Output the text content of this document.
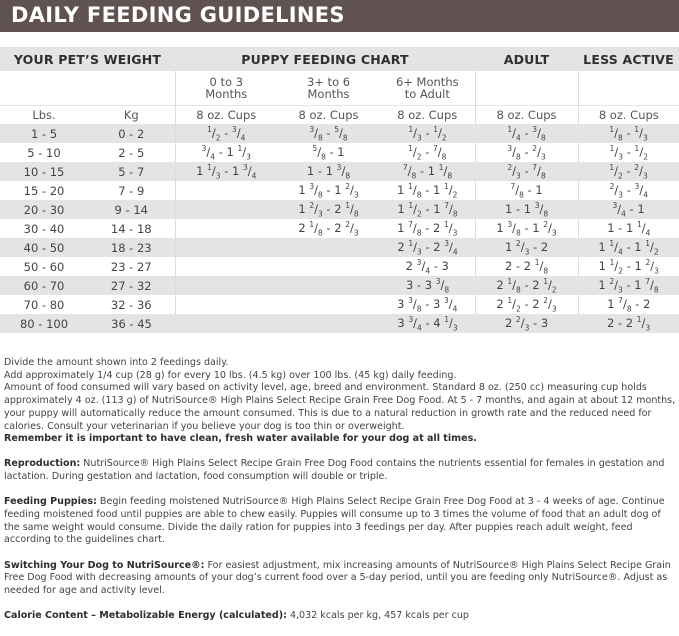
DAILY FEEDING GUIDELINES
YOUR PET’S WEIGHT		PUPPY FEEDING CHART			ADULT	LESS ACTIVE

0 to 3
Months

3+ to 6
Months

6+ Months
to Adult

Lbs.	Kg	8 oz. Cups	8 oz. Cups	8 oz. Cups	8 oz. Cups	8 oz. Cups
1 - 5	0 - 2	$^1/_2 - ^3/_4$	$^3/_8 - ^5/_8$	$^1/_3 - ^1/_2$	$^1/_4 - ^3/_8$	$^1/_8 - ^1/_3$
5 - 10	2 - 5	$^3/_4 - 1$ $^1/_3$	$^5/_8 - 1$	$^1/_2 - ^7/_8$	$^3/_8 - ^2/_3$	$^1/_3 - ^1/_2$
10 - 15	5 - 7	1 $^1/_3 - 1$ $^3/_4$	1 - 1 $^3/_8$	$^7/_8 - 1$ $^1/_8$	$^2/_3 - ^7/_8$	$^1/_2 - ^2/_3$
15 - 20	7 - 9		1 $^3/_8 - 1$ $^2/_3$	1 $^1/_8 - 1$ $^1/_2$	$^7/_8 - 1$	$^2/_3 - ^3/_4$
20 - 30	9 - 14		1 $^2/_3 - 2$ $^1/_8$	1 $^1/_2 - 1$ $^7/_8$	1 - 1 $^3/_8$	$^3/_4 - 1$
30 - 40	14 - 18		2 $^1/_8 - 2$ $^2/_3$	1 $^7/_8 - 2$ $^1/_3$	1 $^3/_8 - 1$ $^2/_3$	1 - 1 $^1/_4$
40 - 50	18 - 23			2 $^1/_3 - 2$ $^3/_4$	1 $^2/_3 - 2$	1 $^1/_4 - 1$ $^1/_2$
50 - 60	23 - 27			2 $^3/_4 - 3$	2 - 2 $^1/_8$	1 $^1/_2 - 1$ $^2/_3$
60 - 70	27 - 32			3 - 3 $^3/_8$	2 $^1/_8 - 2$ $^1/_2$	1 $^2/_3 - 1$ $^7/_8$
70 - 80	32 - 36			3 $^3/_8 - 3$ $^3/_4$	2 $^1/_2 - 2$ $^2/_3$	1 $^7/_8 - 2$
80 - 100	36 - 45			3 $^3/_4 - 4$ $^1/_3$	2 $^2/_3 - 3$	2 - 2 $^1/_3$

Divide the amount shown into 2 feedings daily.

Add approximately 1/4 cup (28 g) for every 10 lbs. (4.5 kg) over 100 lbs. (45 kg) daily feeding.

Amount of food consumed will vary based on activity level, age, breed and environment. Standard 8 oz. (250 cc) measuring cup holds approximately 4 oz. (113 g) of NutriSource® High Plains Select Recipe Grain Free Dog Food. At 5 - 7 months, and again at about 12 months, your puppy will automatically reduce the amount consumed. This is due to a natural reduction in growth rate and the reduced need for calories. Consult your veterinarian if you believe your dog is too thin or overweight.

Remember it is important to have clean, fresh water available for your dog at all times.

Reproduction: NutriSource® High Plains Select Recipe Grain Free Dog Food contains the nutrients essential for females in gestation and lactation. During gestation and lactation, food consumption will double or triple.

Feeding Puppies: Begin feeding moistened NutriSource® High Plains Select Recipe Grain Free Dog Food at 3 - 4 weeks of age. Continue feeding moistened food until puppies are able to chew easily. Puppies will consume up to 3 times the volume of food that an adult dog of the same weight would consume. Divide the daily ration for puppies into 3 feedings per day. After puppies reach adult weight, feed according to the guidelines chart.

Switching Your Dog to NutriSource®: For easiest adjustment, mix increasing amounts of NutriSource® High Plains Select Recipe Grain Free Dog Food with decreasing amounts of your dog’s current food over a 5-day period, until you are feeding only NutriSource®. Adjust as needed for age and activity level.

Calorie Content – Metabolizable Energy (calculated): 4,032 kcals per kg, 457 kcals per cup
